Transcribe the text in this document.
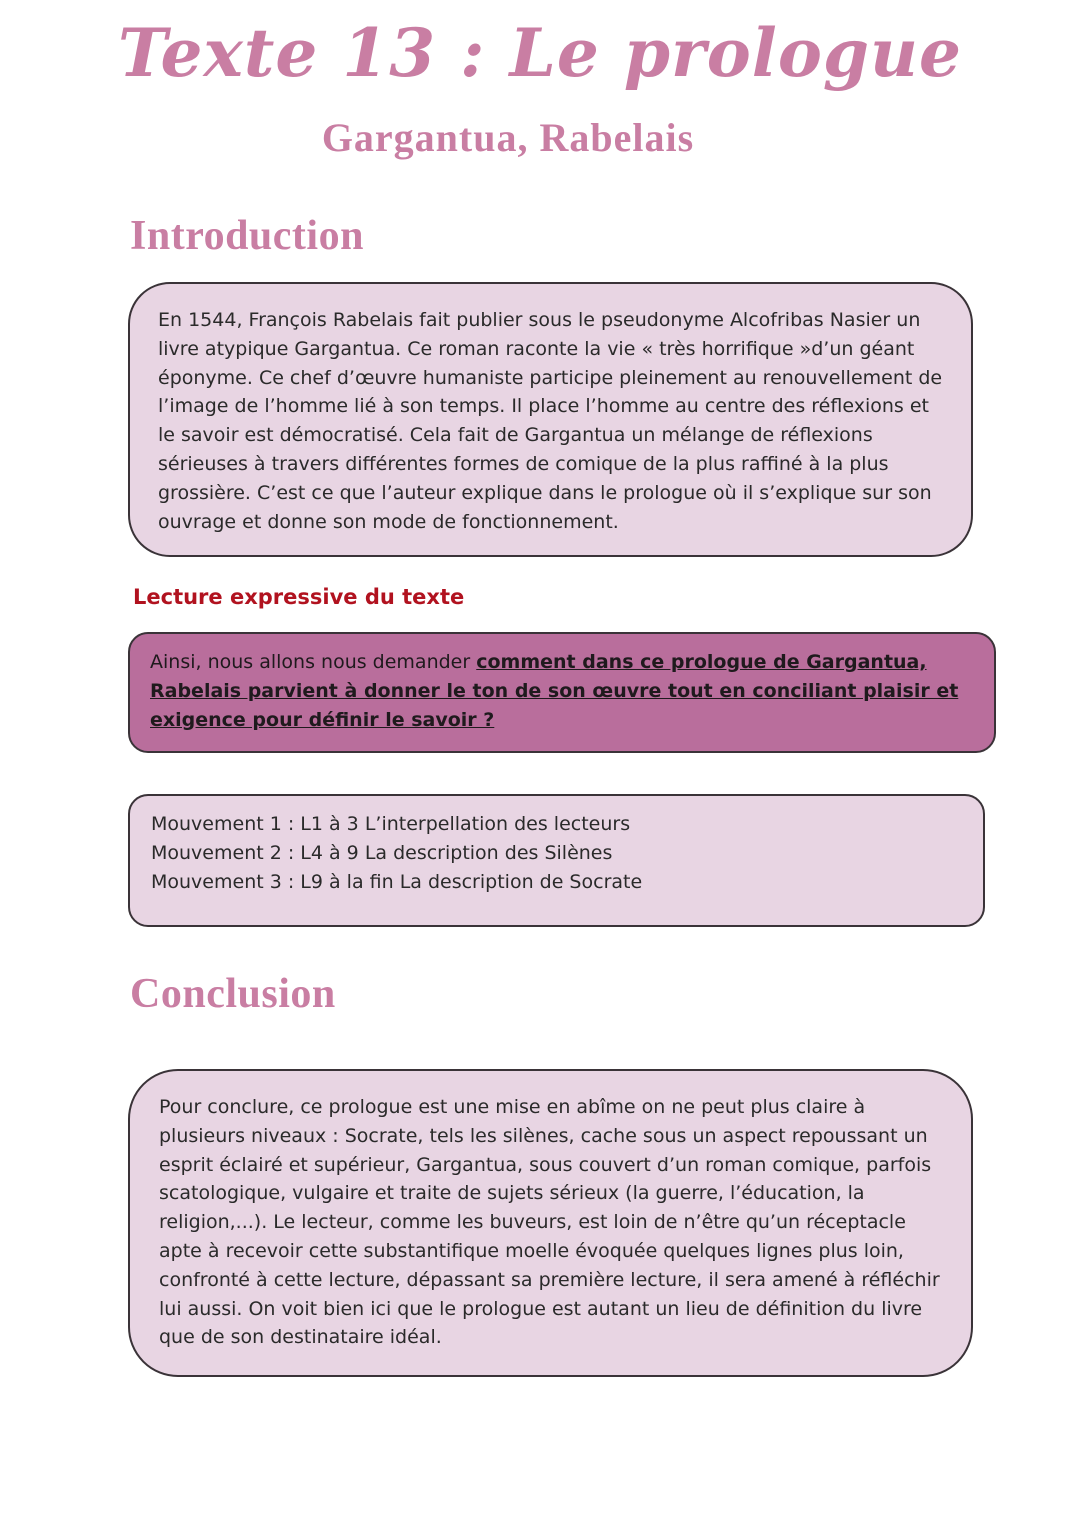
Texte 13 : Le prologue
Gargantua, Rabelais
Introduction

En 1544, François Rabelais fait publier sous le pseudonyme Alcofribas Nasier un livre atypique Gargantua. Ce roman raconte la vie « très horrifique »d’un géant éponyme. Ce chef d’œuvre humaniste participe pleinement au renouvellement de l’image de l’homme lié à son temps. Il place l’homme au centre des réflexions et le savoir est démocratisé. Cela fait de Gargantua un mélange de réflexions sérieuses à travers différentes formes de comique de la plus raffiné à la plus grossière. C’est ce que l’auteur explique dans le prologue où il s’explique sur son ouvrage et donne son mode de fonctionnement.

Lecture expressive du texte

Ainsi, nous allons nous demander comment dans ce prologue de Gargantua, Rabelais parvient à donner le ton de son œuvre tout en conciliant plaisir et exigence pour définir le savoir ?

Mouvement 1 : L1 à 3 L’interpellation des lecteurs

Mouvement 2 : L4 à 9 La description des Silènes

Mouvement 3 : L9 à la fin La description de Socrate

Conclusion

Pour conclure, ce prologue est une mise en abîme on ne peut plus claire à plusieurs niveaux : Socrate, tels les silènes, cache sous un aspect repoussant un esprit éclairé et supérieur, Gargantua, sous couvert d’un roman comique, parfois scatologique, vulgaire et traite de sujets sérieux (la guerre, l’éducation, la religion,...). Le lecteur, comme les buveurs, est loin de n’être qu’un réceptacle apte à recevoir cette substantifique moelle évoquée quelques lignes plus loin, confronté à cette lecture, dépassant sa première lecture, il sera amené à réfléchir lui aussi. On voit bien ici que le prologue est autant un lieu de définition du livre que de son destinataire idéal.
